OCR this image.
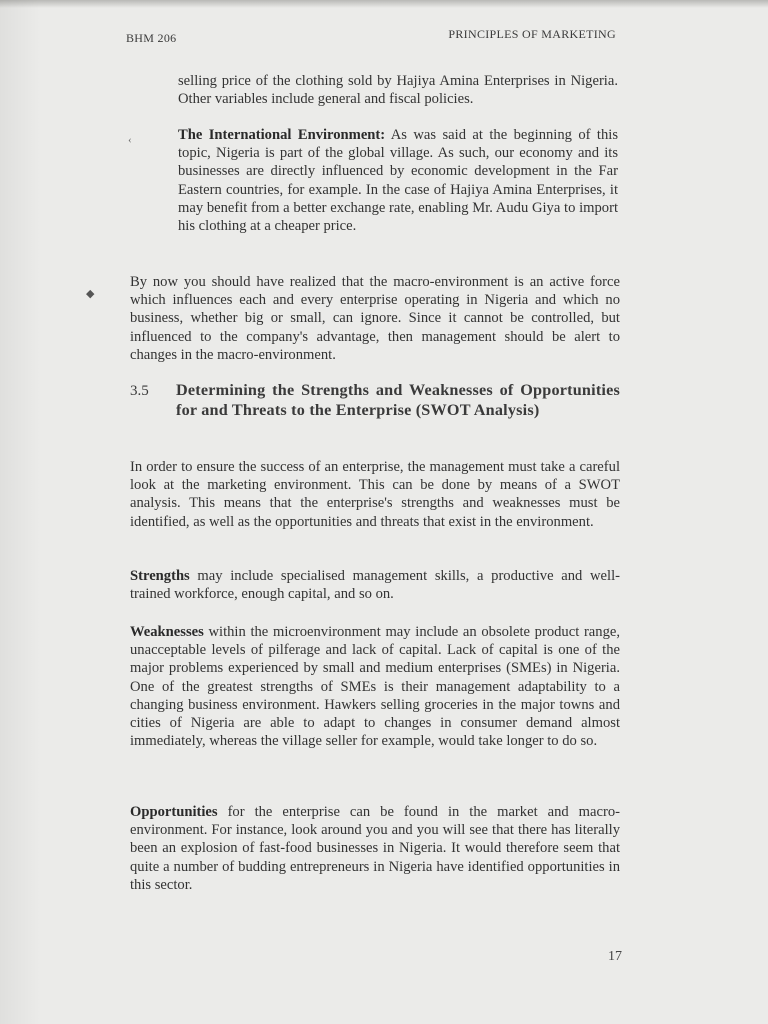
BHM 206	PRINCIPLES OF MARKETING
selling price of the clothing sold by Hajiya Amina Enterprises in Nigeria. Other variables include general and fiscal policies.
‹	The International Environment: As was said at the beginning of this topic, Nigeria is part of the global village. As such, our economy and its businesses are directly influenced by economic development in the Far Eastern countries, for example. In the case of Hajiya Amina Enterprises, it may benefit from a better exchange rate, enabling Mr. Audu Giya to import his clothing at a cheaper price.
◆
By now you should have realized that the macro-environment is an active force which influences each and every enterprise operating in Nigeria and which no business, whether big or small, can ignore. Since it cannot be controlled, but influenced to the company's advantage, then management should be alert to changes in the macro-environment.
3.5 Determining the Strengths and Weaknesses of Opportunities for and Threats to the Enterprise (SWOT Analysis)
In order to ensure the success of an enterprise, the management must take a careful look at the marketing environment. This can be done by means of a SWOT analysis. This means that the enterprise's strengths and weaknesses must be identified, as well as the opportunities and threats that exist in the environment.
Strengths may include specialised management skills, a productive and well-trained workforce, enough capital, and so on.
Weaknesses within the microenvironment may include an obsolete product range, unacceptable levels of pilferage and lack of capital. Lack of capital is one of the major problems experienced by small and medium enterprises (SMEs) in Nigeria. One of the greatest strengths of SMEs is their management adaptability to a changing business environment. Hawkers selling groceries in the major towns and cities of Nigeria are able to adapt to changes in consumer demand almost immediately, whereas the village seller for example, would take longer to do so.
Opportunities for the enterprise can be found in the market and macro-environment. For instance, look around you and you will see that there has literally been an explosion of fast-food businesses in Nigeria. It would therefore seem that quite a number of budding entrepreneurs in Nigeria have identified opportunities in this sector.
17
